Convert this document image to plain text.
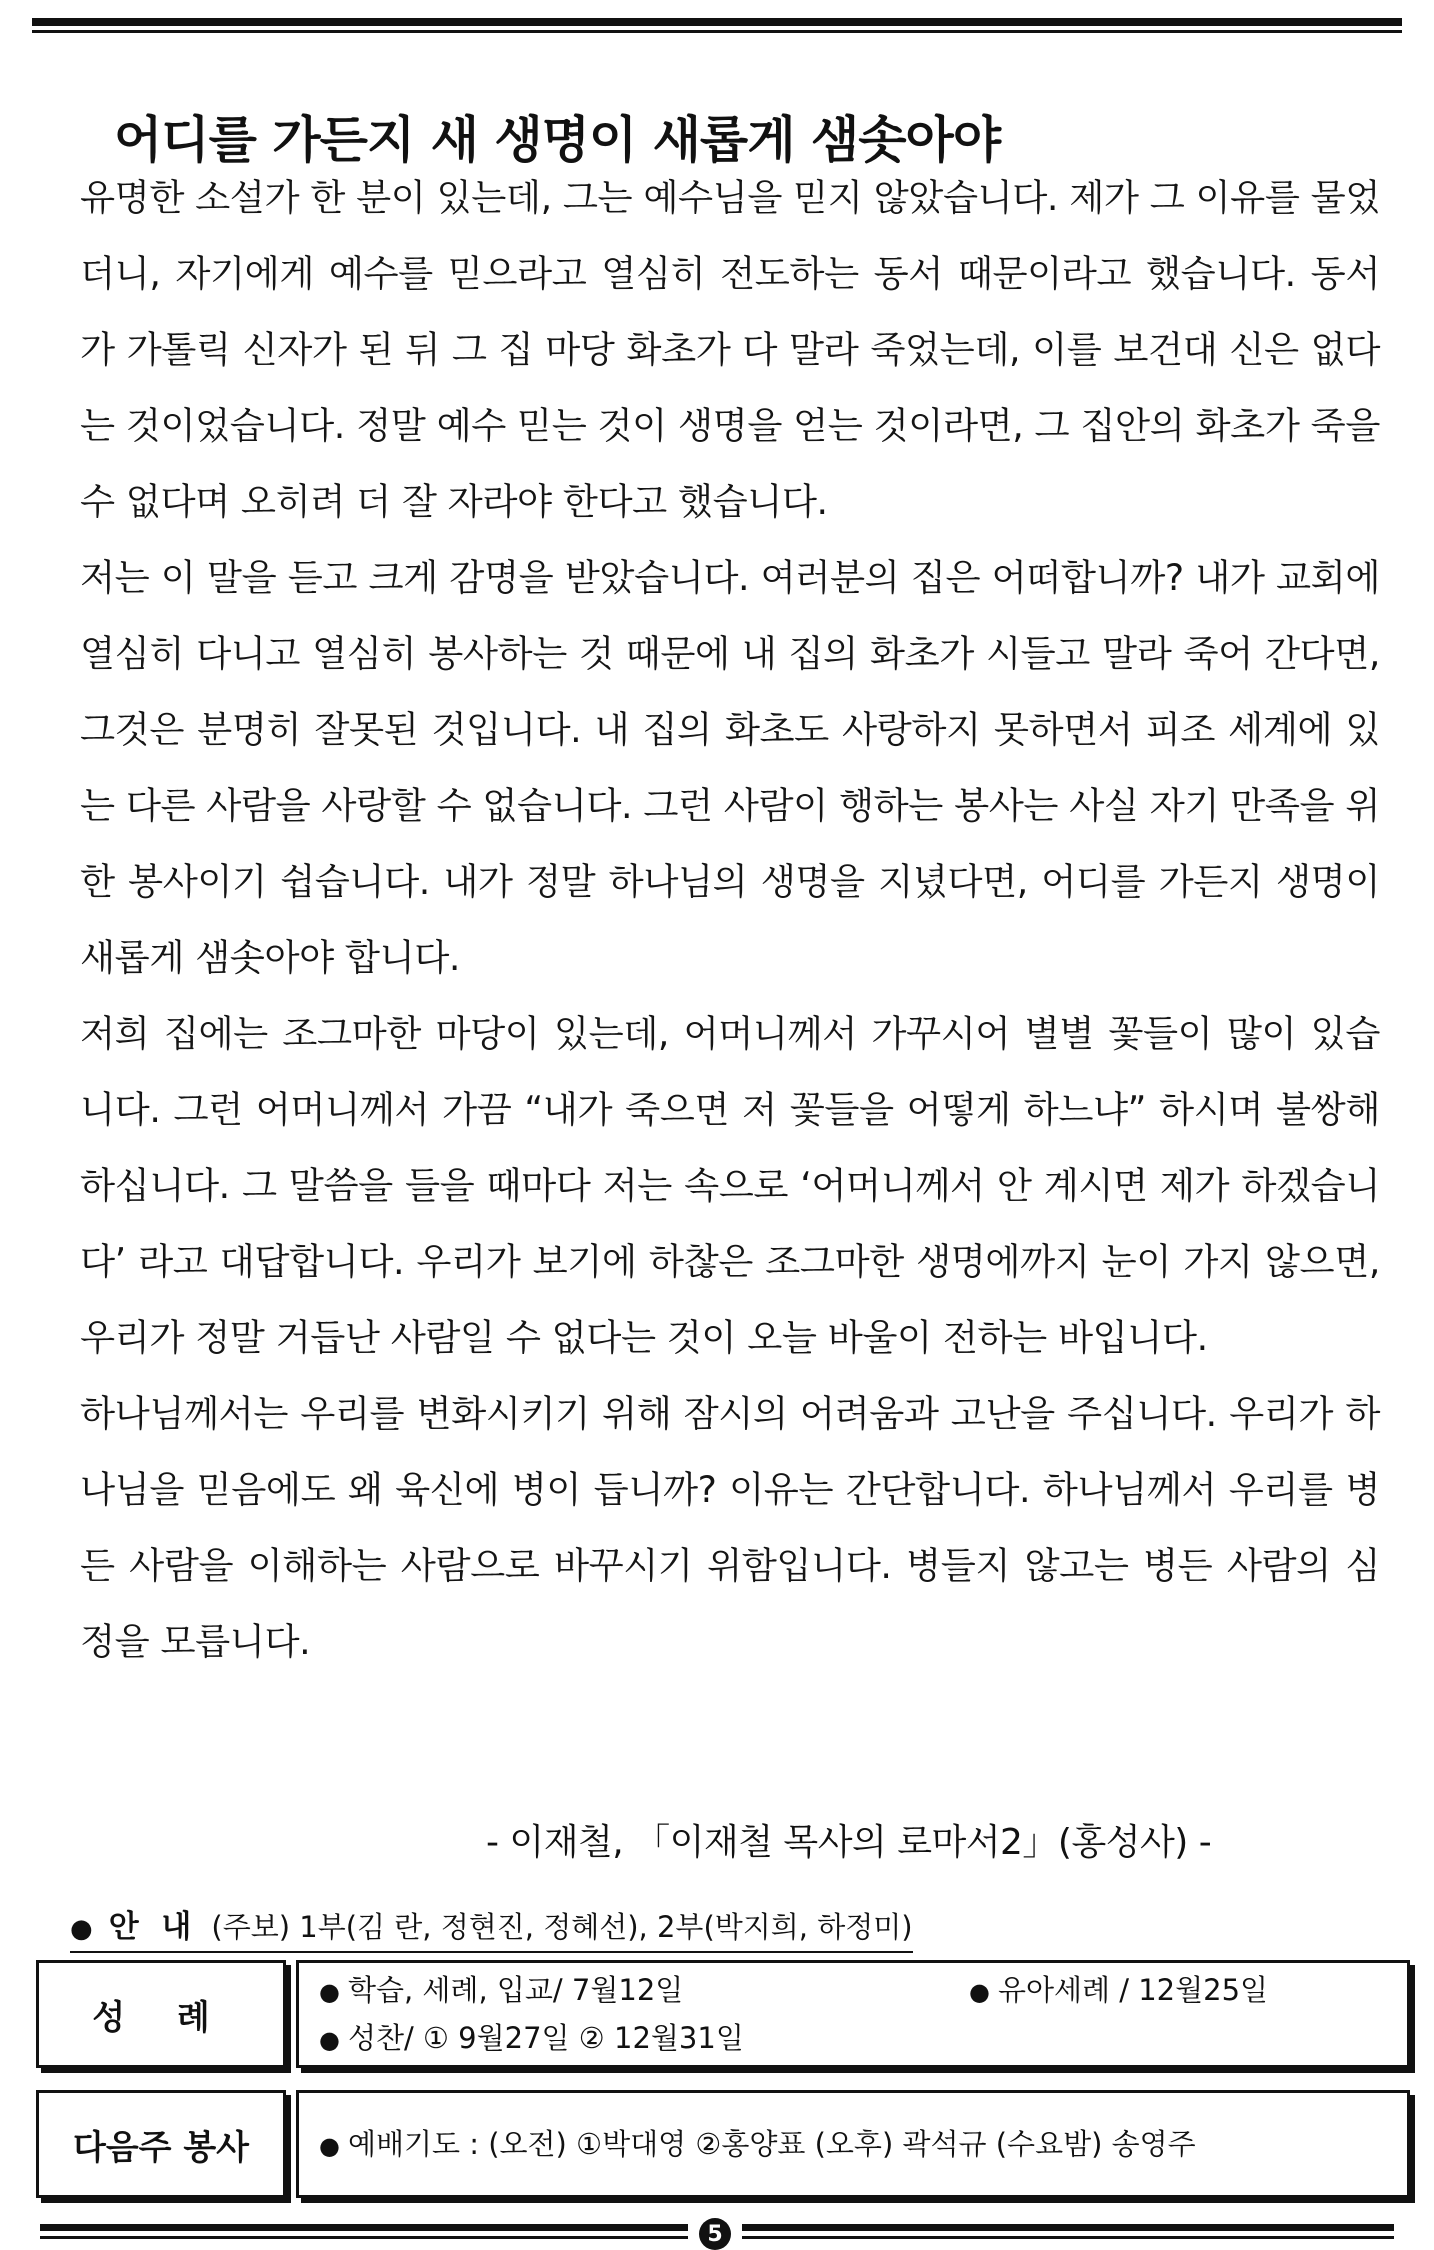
어디를 가든지 새 생명이 새롭게 샘솟아야

유명한 소설가 한 분이 있는데, 그는 예수님을 믿지 않았습니다. 제가 그 이유를 물었더니, 자기에게 예수를 믿으라고 열심히 전도하는 동서 때문이라고 했습니다. 동서가 가톨릭 신자가 된 뒤 그 집 마당 화초가 다 말라 죽었는데, 이를 보건대 신은 없다는 것이었습니다. 정말 예수 믿는 것이 생명을 얻는 것이라면, 그 집안의 화초가 죽을 수 없다며 오히려 더 잘 자라야 한다고 했습니다.

저는 이 말을 듣고 크게 감명을 받았습니다. 여러분의 집은 어떠합니까? 내가 교회에 열심히 다니고 열심히 봉사하는 것 때문에 내 집의 화초가 시들고 말라 죽어 간다면, 그것은 분명히 잘못된 것입니다. 내 집의 화초도 사랑하지 못하면서 피조 세계에 있는 다른 사람을 사랑할 수 없습니다. 그런 사람이 행하는 봉사는 사실 자기 만족을 위한 봉사이기 쉽습니다. 내가 정말 하나님의 생명을 지녔다면, 어디를 가든지 생명이 새롭게 샘솟아야 합니다.

저희 집에는 조그마한 마당이 있는데, 어머니께서 가꾸시어 별별 꽃들이 많이 있습니다. 그런 어머니께서 가끔 “내가 죽으면 저 꽃들을 어떻게 하느냐” 하시며 불쌍해 하십니다. 그 말씀을 들을 때마다 저는 속으로 ‘어머니께서 안 계시면 제가 하겠습니다’ 라고 대답합니다. 우리가 보기에 하찮은 조그마한 생명에까지 눈이 가지 않으면, 우리가 정말 거듭난 사람일 수 없다는 것이 오늘 바울이 전하는 바입니다.

하나님께서는 우리를 변화시키기 위해 잠시의 어려움과 고난을 주십니다. 우리가 하나님을 믿음에도 왜 육신에 병이 듭니까? 이유는 간단합니다. 하나님께서 우리를 병든 사람을 이해하는 사람으로 바꾸시기 위함입니다. 병들지 않고는 병든 사람의 심정을 모릅니다.

- 이재철, 「이재철 목사의 로마서2」(홍성사) -
● 안 내 (주보) 1부(김 란, 정현진, 정혜선), 2부(박지희, 하정미)
성 례
● 학습, 세례, 입교/ 7월12일	● 유아세례 / 12월25일
● 성찬/ ① 9월27일 ② 12월31일
다음주 봉사	● 예배기도 : (오전) ①박대영 ②홍양표 (오후) 곽석규 (수요밤) 송영주
5
